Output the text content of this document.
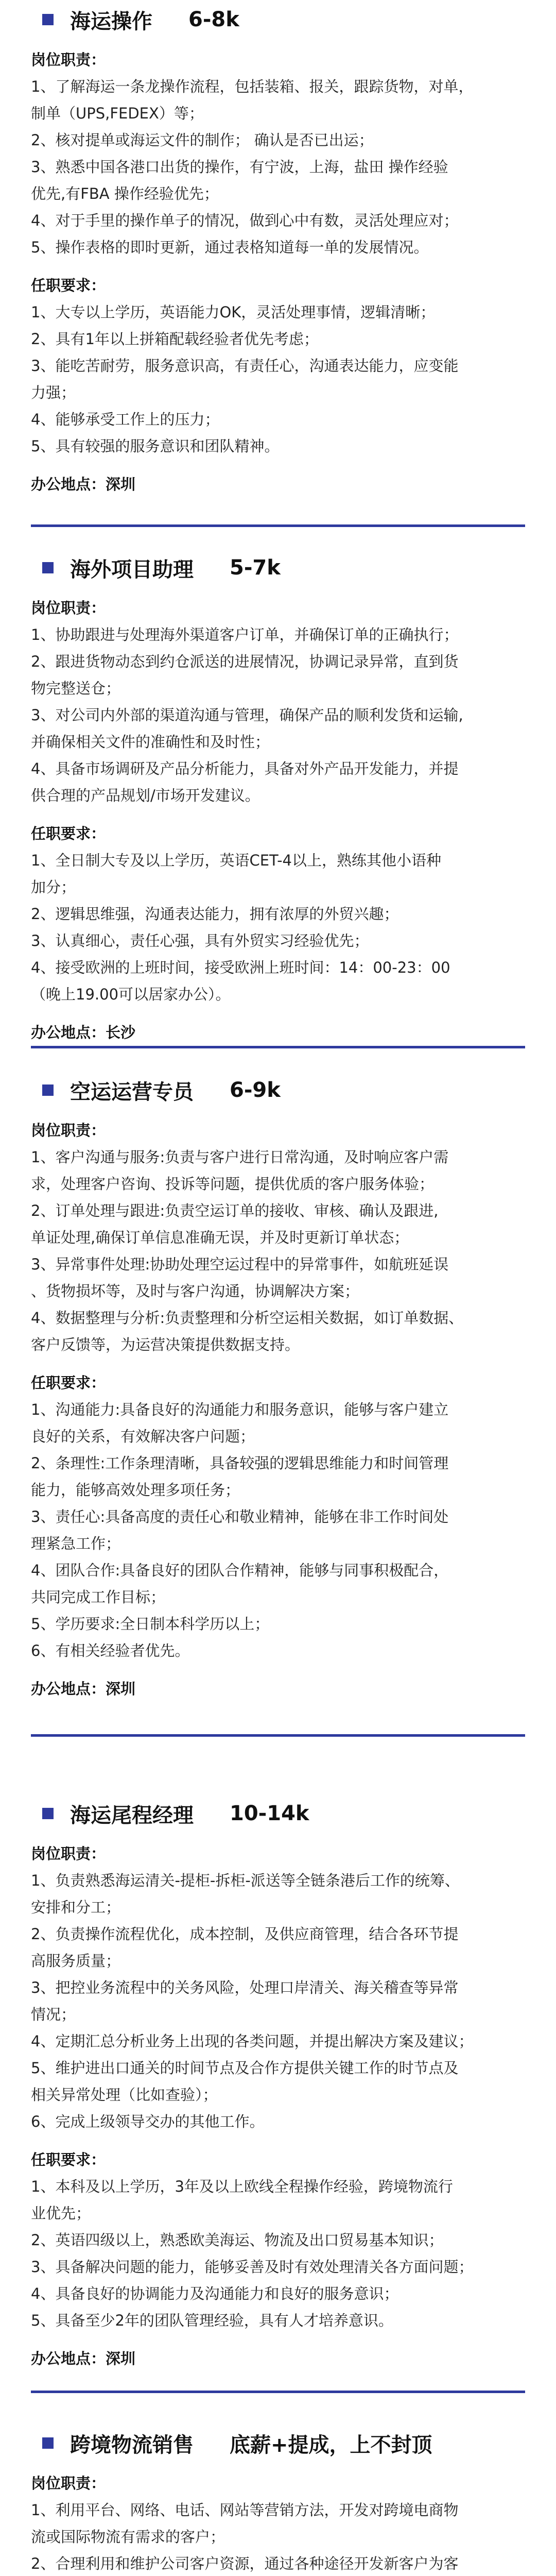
海运操作 6-8k
岗位职责：
1、了解海运一条龙操作流程，包括装箱、报关，跟踪货物，对单，
制单（UPS,FEDEX）等；
2、核对提单或海运文件的制作； 确认是否已出运；
3、熟悉中国各港口出货的操作，有宁波，上海，盐田 操作经验
优先,有FBA 操作经验优先；
4、对于手里的操作单子的情况，做到心中有数，灵活处理应对；
5、操作表格的即时更新，通过表格知道每一单的发展情况。
任职要求：
1、大专以上学历，英语能力OK，灵活处理事情，逻辑清晰；
2、具有1年以上拼箱配载经验者优先考虑；
3、能吃苦耐劳，服务意识高，有责任心，沟通表达能力，应变能
力强；
4、能够承受工作上的压力；
5、具有较强的服务意识和团队精神。
办公地点：深圳
海外项目助理 5-7k
岗位职责：
1、协助跟进与处理海外渠道客户订单，并确保订单的正确执行；
2、跟进货物动态到约仓派送的进展情况，协调记录异常，直到货
物完整送仓；
3、对公司内外部的渠道沟通与管理，确保产品的顺利发货和运输,
并确保相关文件的准确性和及时性；
4、具备市场调研及产品分析能力，具备对外产品开发能力，并提
供合理的产品规划/市场开发建议。
任职要求：
1、全日制大专及以上学历，英语CET-4以上，熟练其他小语种
加分；
2、逻辑思维强，沟通表达能力，拥有浓厚的外贸兴趣；
3、认真细心，责任心强，具有外贸实习经验优先；
4、接受欧洲的上班时间，接受欧洲上班时间：14：00-23：00
（晚上19.00可以居家办公）。
办公地点：长沙
空运运营专员 6-9k
岗位职责：
1、客户沟通与服务:负责与客户进行日常沟通，及时响应客户需
求，处理客户咨询、投诉等问题，提供优质的客户服务体验；
2、订单处理与跟进:负责空运订单的接收、审核、确认及跟进,
单证处理,确保订单信息准确无误，并及时更新订单状态；
3、异常事件处理:协助处理空运过程中的异常事件，如航班延误
、货物损坏等，及时与客户沟通，协调解决方案；
4、数据整理与分析:负责整理和分析空运相关数据，如订单数据、
客户反馈等，为运营决策提供数据支持。
任职要求：
1、沟通能力:具备良好的沟通能力和服务意识，能够与客户建立
良好的关系，有效解决客户问题；
2、条理性:工作条理清晰，具备较强的逻辑思维能力和时间管理
能力，能够高效处理多项任务；
3、责任心:具备高度的责任心和敬业精神，能够在非工作时间处
理紧急工作；
4、团队合作:具备良好的团队合作精神，能够与同事积极配合，
共同完成工作目标；
5、学历要求:全日制本科学历以上；
6、有相关经验者优先。
办公地点：深圳
海运尾程经理 10-14k
岗位职责：
1、负责熟悉海运清关-提柜-拆柜-派送等全链条港后工作的统筹、
安排和分工；
2、负责操作流程优化，成本控制，及供应商管理，结合各环节提
高服务质量；
3、把控业务流程中的关务风险，处理口岸清关、海关稽查等异常
情况；
4、定期汇总分析业务上出现的各类问题，并提出解决方案及建议；
5、维护进出口通关的时间节点及合作方提供关键工作的时节点及
相关异常处理（比如查验）；
6、完成上级领导交办的其他工作。
任职要求：
1、本科及以上学历，3年及以上欧线全程操作经验，跨境物流行
业优先；
2、英语四级以上，熟悉欧美海运、物流及出口贸易基本知识；
3、具备解决问题的能力，能够妥善及时有效处理清关各方面问题；
4、具备良好的协调能力及沟通能力和良好的服务意识；
5、具备至少2年的团队管理经验，具有人才培养意识。
办公地点：深圳
跨境物流销售 底薪+提成，上不封顶
岗位职责：
1、利用平台、网络、电话、网站等营销方法，开发对跨境电商物
流或国际物流有需求的客户；
2、合理利用和维护公司客户资源，通过各种途径开发新客户为客
